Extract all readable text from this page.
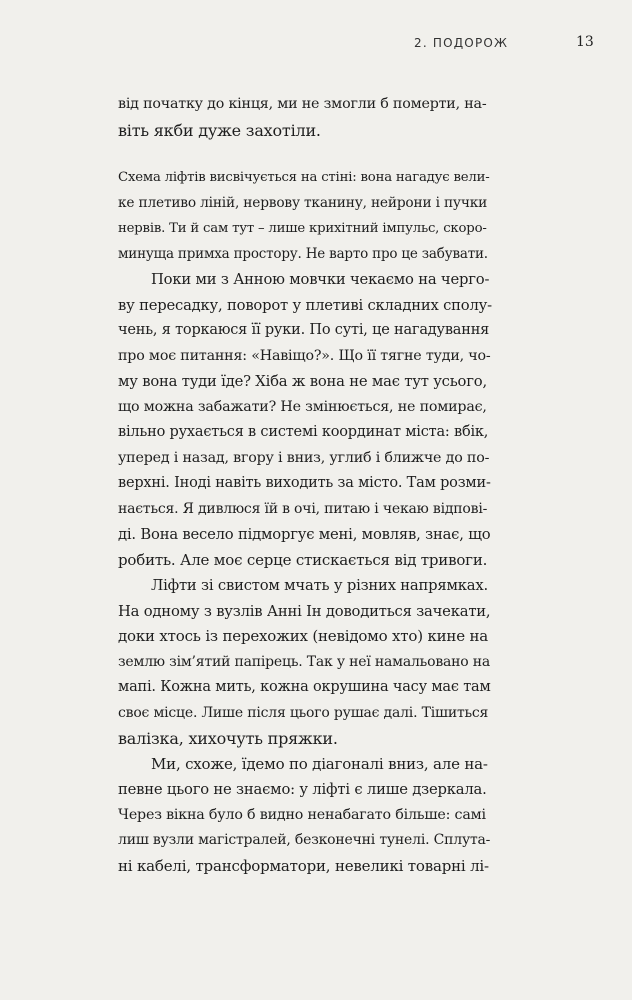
2. ПОДОРОЖ	13
від початку до кінця, ми не змогли б померти, на-
віть якби дуже захотіли.
Схема ліфтів висвічується на стіні: вона нагадує вели-
ке плетиво ліній, нервову тканину, нейрони і пучки
нервів. Ти й сам тут – лише крихітний імпульс, скоро-
минуща примха простору. Не варто про це забувати.
Поки ми з Анною мовчки чекаємо на черго-
ву пересадку, поворот у плетиві складних сполу-
чень, я торкаюся її руки. По суті, це нагадування
про моє питання: «Навіщо?». Що її тягне туди, чо-
му вона туди їде? Хіба ж вона не має тут усього,
що можна забажати? Не змінюється, не помирає,
вільно рухається в системі координат міста: вбік,
уперед і назад, вгору і вниз, углиб і ближче до по-
верхні. Іноді навіть виходить за місто. Там розми-
нається. Я дивлюся їй в очі, питаю і чекаю відпові-
ді. Вона весело підморгує мені, мовляв, знає, що
робить. Але моє серце стискається від тривоги.
Ліфти зі свистом мчать у різних напрямках.
На одному з вузлів Анні Ін доводиться зачекати,
доки хтось із перехожих (невідомо хто) кине на
землю зім’ятий папірець. Так у неї намальовано на
мапі. Кожна мить, кожна окрушина часу має там
своє місце. Лише після цього рушає далі. Тішиться
валізка, хихочуть пряжки.
Ми, схоже, їдемо по діагоналі вниз, але на-
певне цього не знаємо: у ліфті є лише дзеркала.
Через вікна було б видно ненабагато більше: самі
лиш вузли магістралей, безконечні тунелі. Сплута-
ні кабелі, трансформатори, невеликі товарні лі-
